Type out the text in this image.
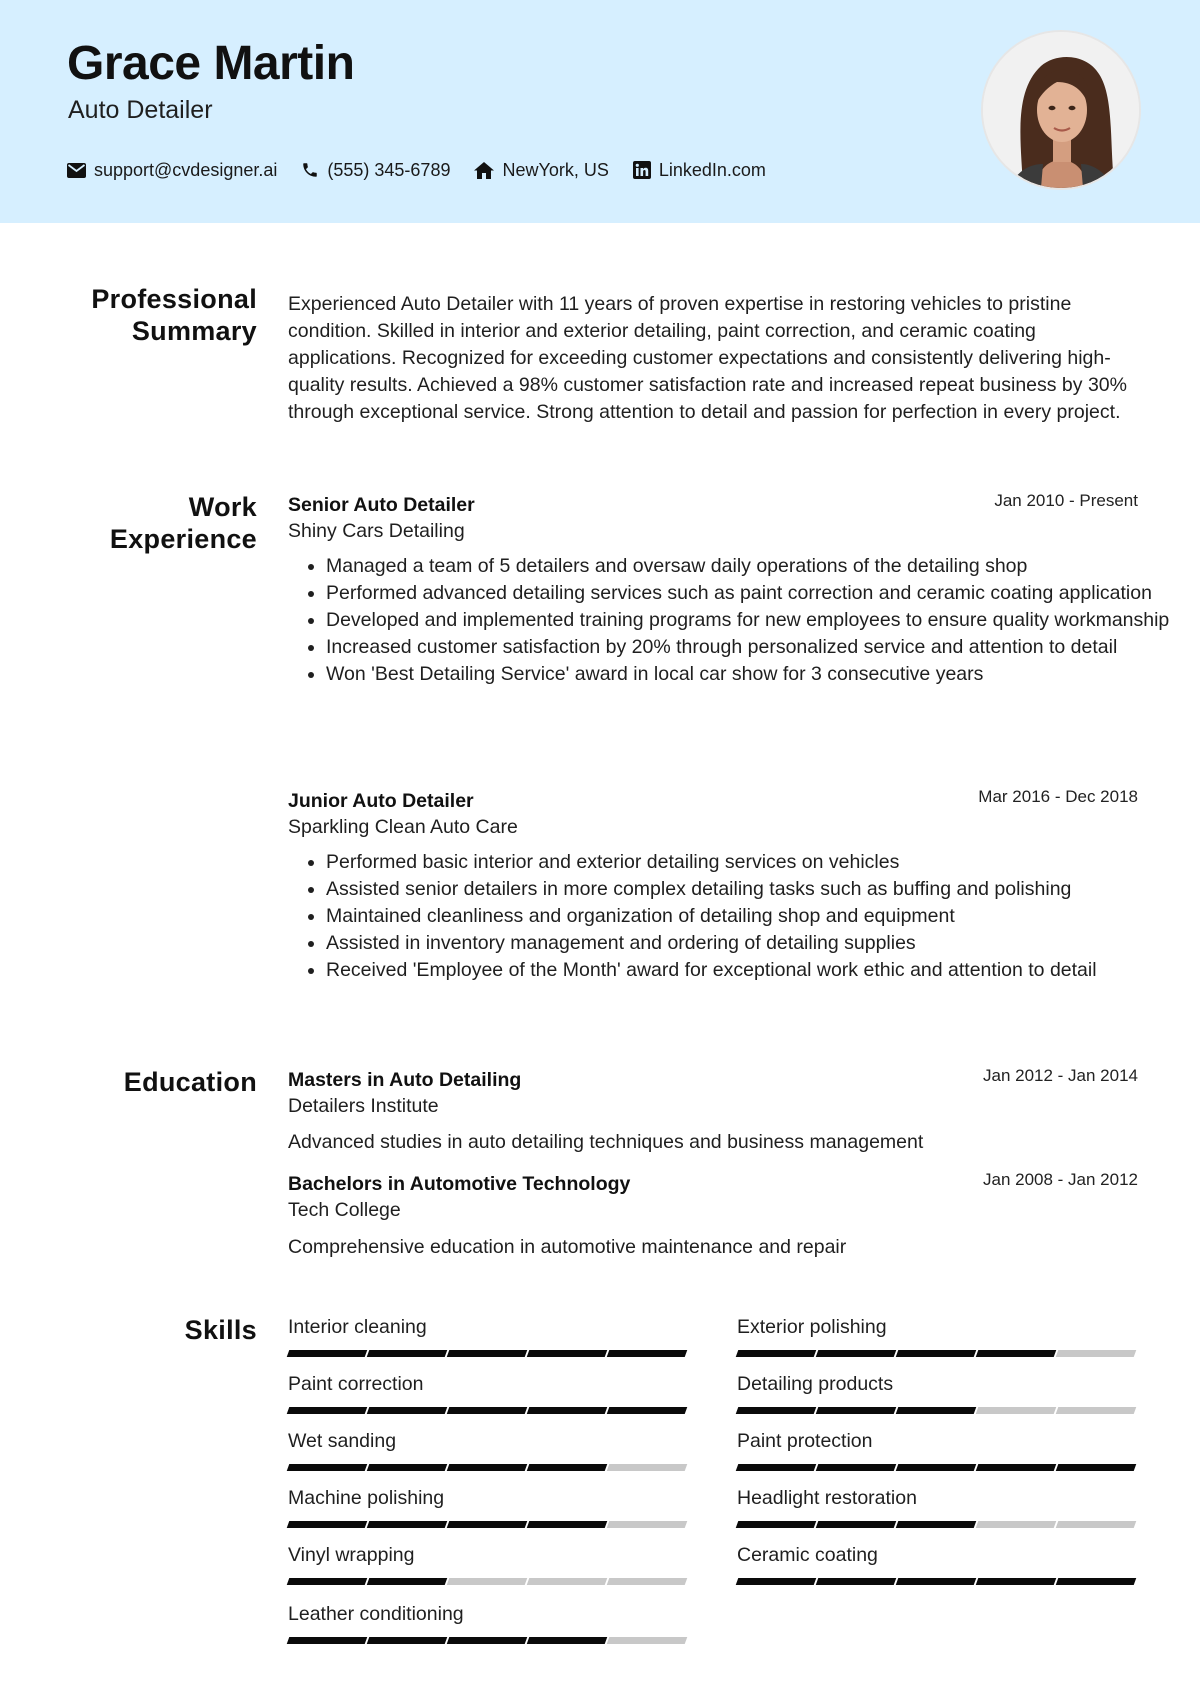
Grace Martin
Auto Detailer
support@cvdesigner.ai	(555) 345-6789	NewYork, US	LinkedIn.com
Professional
Summary

Experienced Auto Detailer with 11 years of proven expertise in restoring vehicles to pristine condition. Skilled in interior and exterior detailing, paint correction, and ceramic coating applications. Recognized for exceeding customer expectations and consistently delivering high-quality results. Achieved a 98% customer satisfaction rate and increased repeat business by 30% through exceptional service. Strong attention to detail and passion for perfection in every project.

Work
Experience
Senior Auto Detailer	Jan 2010 - Present
Shiny Cars Detailing
• Managed a team of 5 detailers and oversaw daily operations of the detailing shop
• Performed advanced detailing services such as paint correction and ceramic coating application
• Developed and implemented training programs for new employees to ensure quality workmanship
• Increased customer satisfaction by 20% through personalized service and attention to detail
• Won 'Best Detailing Service' award in local car show for 3 consecutive years
Junior Auto Detailer	Mar 2016 - Dec 2018
Sparkling Clean Auto Care
• Performed basic interior and exterior detailing services on vehicles
• Assisted senior detailers in more complex detailing tasks such as buffing and polishing
• Maintained cleanliness and organization of detailing shop and equipment
• Assisted in inventory management and ordering of detailing supplies
• Received 'Employee of the Month' award for exceptional work ethic and attention to detail
Education Masters in Auto Detailing	Jan 2012 - Jan 2014
Detailers Institute
Advanced studies in auto detailing techniques and business management
Bachelors in Automotive Technology	Jan 2008 - Jan 2012
Tech College
Comprehensive education in automotive maintenance and repair
Skills Interior cleaning	Exterior polishing
Paint correction	Detailing products
Wet sanding	Paint protection
Machine polishing	Headlight restoration
Vinyl wrapping	Ceramic coating
Leather conditioning
